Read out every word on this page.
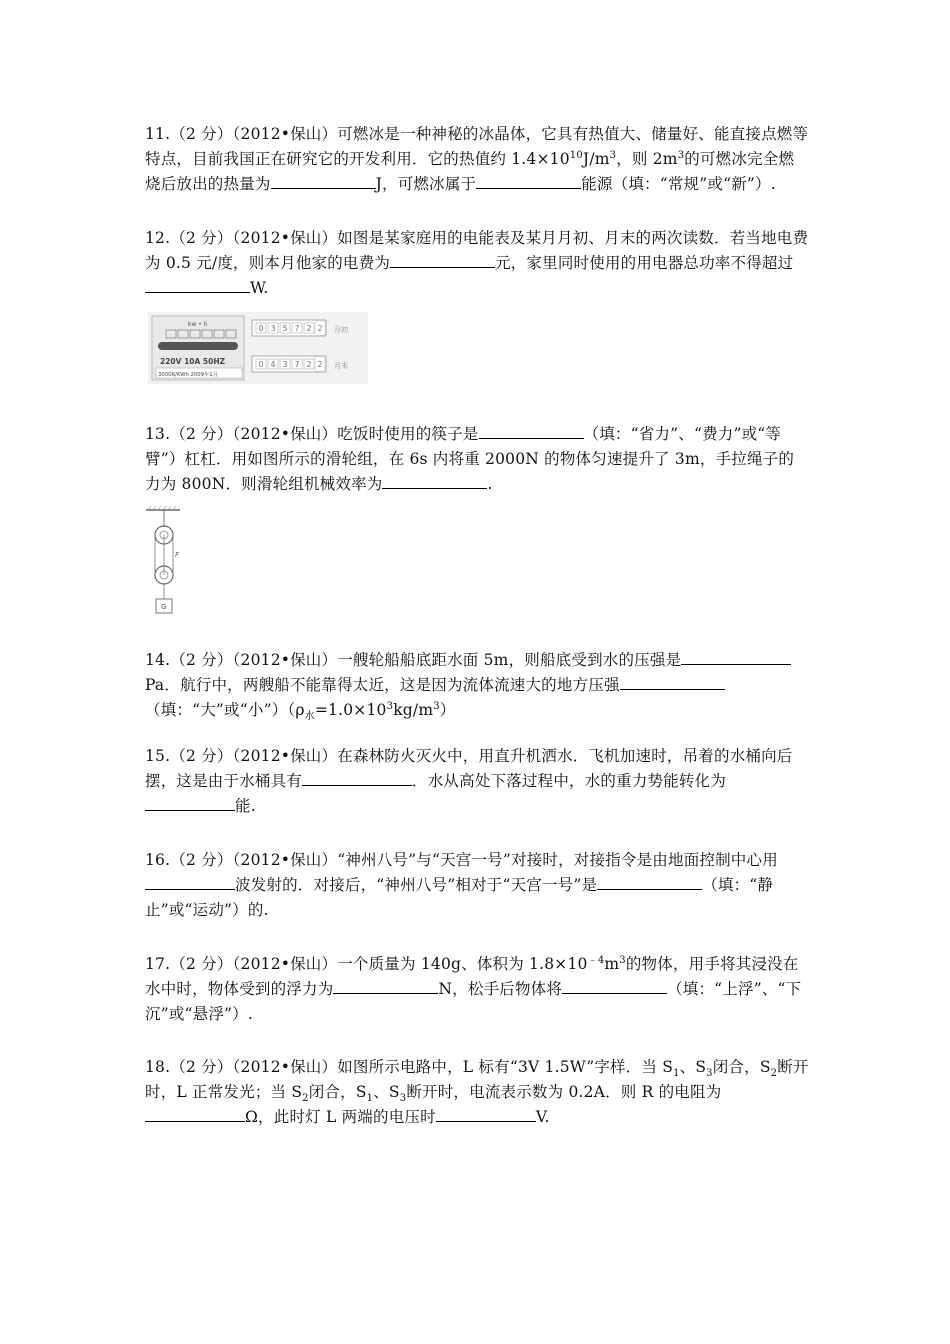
11.（2 分）（2012•保山）可燃冰是一种神秘的冰晶体，它具有热值大、储量好、能直接点燃等特点，目前我国正在研究它的开发利用．它的热值约 $1.4\times 10^{10}J/m^3$，则 $2m^3$的可燃冰完全燃烧后放出的热量为	J，可燃冰属于	能源（填：“常规”或“新”）.

12.（2 分）（2012•保山）如图是某家庭用的电能表及某月月初、月末的两次读数．若当地电费为 0.5 元/度，则本月他家的电费为	元，家里同时使用的用电器总功率不得超过W.

13.（2 分）（2012•保山）吃饭时使用的筷子是	（填：“省力”、“费力”或“等臂”）杠杠．用如图所示的滑轮组，在 6s 内将重 2000N 的物体匀速提升了 3m，手拉绳子的力为 800N．则滑轮组机械效率为	.

14.（2 分）（2012•保山）一艘轮船船底距水面 5m，则船底受到水的压强是Pa．航行中，两艘船不能靠得太近，这是因为流体流速大的地方压强（填：“大”或“小$”)(\rho_水=1.0\times 10^3kg/m^3)$

15.（2 分）（2012•保山）在森林防火灭火中，用直升机洒水．飞机加速时，吊着的水桶向后摆，这是由于水桶具有	．水从高处下落过程中，水的重力势能转化为能.

16.（2 分）（2012•保山）“神州八号”与“天宫一号”对接时，对接指令是由地面控制中心用波发射的．对接后，“神州八号”相对于“天宫一号”是	（填：“静止”或“运动”）的.

17.（2 分）（2012•保山）一个质量为 140g、体积为 $1.8\times 10^{﹣4}m^3$的物体，用手将其浸没在水中时，物体受到的浮力为	N，松手后物体将	（填：“上浮”、“下沉”或“悬浮”）.

18.（2 分）（2012•保山）如图所示电路中，L 标有“3V 1.5W”字样．当 $S_1$、$S_3$闭合，$S_2$断开时，L 正常发光；当 $S_2$闭合，$S_1$、$S_3$断开时，电流表示数为 0.2A．则 R 的电阻为Ω，此时灯 L 两端的电压时	V.

kw • h
220V 10A 50HZ
3000R/KWh 2009年1月
0 3 5 7 2 2 月初
0 4 3 7 2 2 月末
F
G
